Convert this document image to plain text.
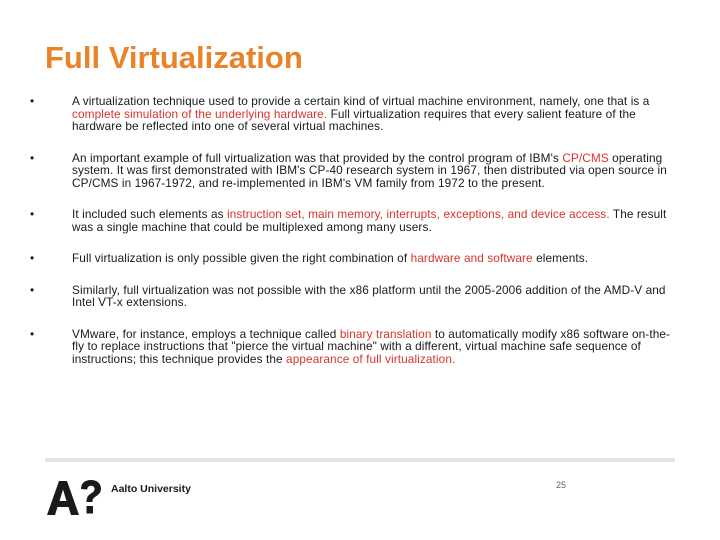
Full Virtualization
•	A virtualization technique used to provide a certain kind of virtual machine environment, namely, one that is a complete simulation of the underlying hardware. Full virtualization requires that every salient feature of the hardware be reflected into one of several virtual machines.
•	An important example of full virtualization was that provided by the control program of IBM's CP/CMS operating system. It was first demonstrated with IBM's CP-40 research system in 1967, then distributed via open source in CP/CMS in 1967-1972, and re-implemented in IBM's VM family from 1972 to the present.
•	It included such elements as instruction set, main memory, interrupts, exceptions, and device access. The result was a single machine that could be multiplexed among many users.
•	Full virtualization is only possible given the right combination of hardware and software elements.
•	Similarly, full virtualization was not possible with the x86 platform until the 2005-2006 addition of the AMD-V and Intel VT-x extensions.
•	VMware, for instance, employs a technique called binary translation to automatically modify x86 software on-the-fly to replace instructions that "pierce the virtual machine" with a different, virtual machine safe sequence of instructions; this technique provides the appearance of full virtualization.
Aalto University	25
